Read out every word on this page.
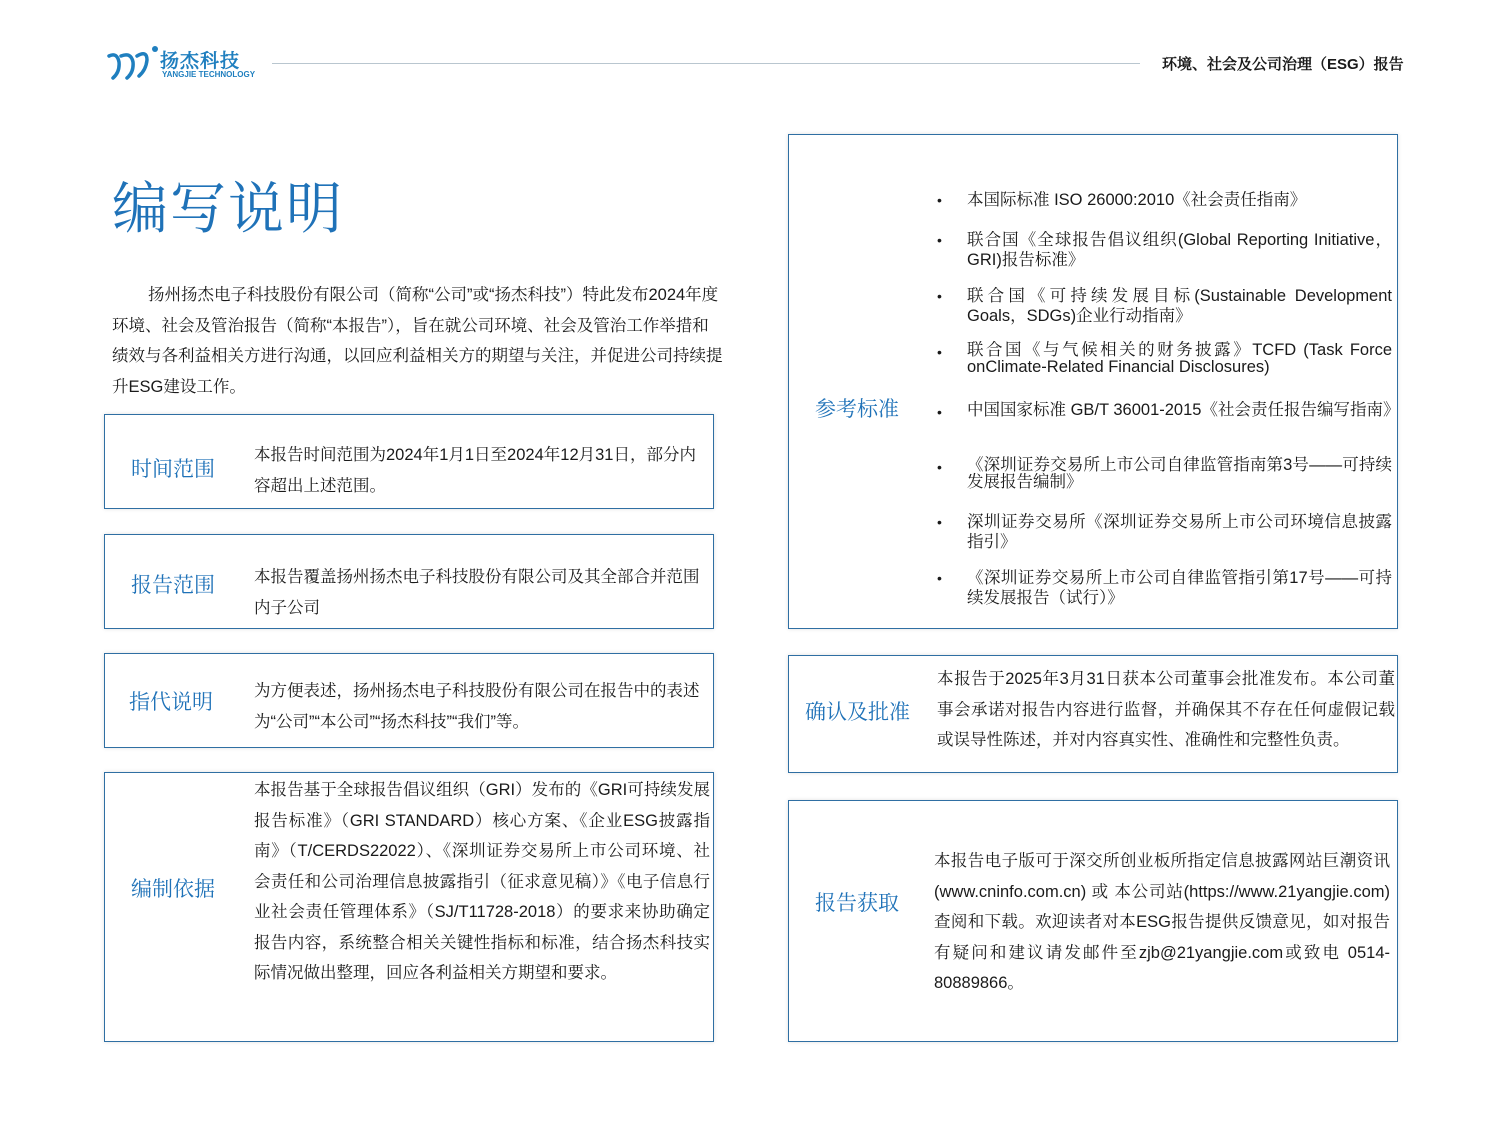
扬杰科技
YANGJIE TECHNOLOGY
环境、社会及公司治理（ESG）报告
编写说明
扬州扬杰电子科技股份有限公司（简称“公司”或“扬杰科技”）特此发布2024年度环境、社会及管治报告（简称“本报告”），旨在就公司环境、社会及管治工作举措和绩效与各利益相关方进行沟通，以回应利益相关方的期望与关注，并促进公司持续提升ESG建设工作。
时间范围
本报告时间范围为2024年1月1日至2024年12月31日，部分内容超出上述范围。
报告范围 本报告覆盖扬州扬杰电子科技股份有限公司及其全部合并范围内子公司
指代说明 为方便表述，扬州扬杰电子科技股份有限公司在报告中的表述为“公司”“本公司”“扬杰科技”“我们”等。
编制依据
本报告基于全球报告倡议组织（GRI）发布的《GRI可持续发展报告标准》（GRI STANDARD）核心方案、《企业ESG披露指南》（T/CERDS22022）、《深圳证券交易所上市公司环境、社会责任和公司治理信息披露指引（征求意见稿）》《电子信息行业社会责任管理体系》（SJ/T11728-2018）的要求来协助确定报告内容，系统整合相关关键性指标和标准，结合扬杰科技实际情况做出整理，回应各利益相关方期望和要求。
参考标准
• 本国际标准 ISO 26000:2010《社会责任指南》
• 联合国《全球报告倡议组织(Global Reporting Initiative，GRI)报告标准》
• 联合国《可持续发展目标(Sustainable Development Goals，SDGs)企业行动指南》
• 联合国《与气候相关的财务披露》TCFD (Task Force onClimate-Related Financial Disclosures)
• 中国国家标准 GB/T 36001-2015《社会责任报告编写指南》
• 《深圳证券交易所上市公司自律监管指南第3号——可持续发展报告编制》
• 深圳证券交易所《深圳证券交易所上市公司环境信息披露指引》
• 《深圳证券交易所上市公司自律监管指引第17号——可持续发展报告（试行）》
确认及批准
本报告于2025年3月31日获本公司董事会批准发布。本公司董事会承诺对报告内容进行监督，并确保其不存在任何虚假记载或误导性陈述，并对内容真实性、准确性和完整性负责。
报告获取
本报告电子版可于深交所创业板所指定信息披露网站巨潮资讯 (www.cninfo.com.cn) 或 本公司站(https://www.21yangjie.com)查阅和下载。欢迎读者对本ESG报告提供反馈意见，如对报告有疑问和建议请发邮件至zjb@21yangjie.com或致电 0514-80889866。
